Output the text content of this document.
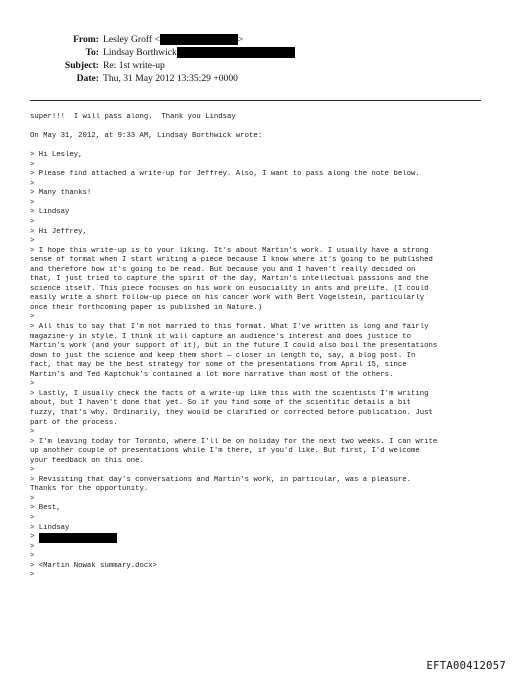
From: Lesley Groff <	>
To: Lindsay Borthwick
Subject: Re: 1st write-up
Date: Thu, 31 May 2012 13:35:29 +0000
super!!!  I will pass along.  Thank you Lindsay
On May 31, 2012, at 9:33 AM, Lindsay Borthwick wrote:
> Hi Lesley,
>
> Please find attached a write-up for Jeffrey. Also, I want to pass along the note below.
>
> Many thanks!
>
> Lindsay
>
> Hi Jeffrey,
>
> I hope this write-up is to your liking. It's about Martin's work. I usually have a strong
sense of format when I start writing a piece because I know where it's going to be published
and therefore how it's going to be read. But because you and I haven't really decided on
that, I just tried to capture the spirit of the day, Martin's intellectual passions and the
science itself. This piece focuses on his work on eusociality in ants and prelife. (I could
easily write a short follow-up piece on his cancer work with Bert Vogelstein, particularly
once their forthcoming paper is published in Nature.)
>
> All this to say that I'm not married to this format. What I've written is long and fairly
magazine-y in style. I think it will capture an audience's interest and does justice to
Martin's work (and your support of it), but in the future I could also boil the presentations
down to just the science and keep them short — closer in length to, say, a blog post. In
fact, that may be the best strategy for some of the presentations from April 15, since
Martin's and Ted Kaptchuk's contained a lot more narrative than most of the others.
>
> Lastly, I usually check the facts of a write-up like this with the scientists I'm writing
about, but I haven't done that yet. So if you find some of the scientific details a bit
fuzzy, that's why. Ordinarily, they would be clarified or corrected before publication. Just
part of the process.
>
> I'm leaving today for Toronto, where I'll be on holiday for the next two weeks. I can write
up another couple of presentations while I'm there, if you'd like. But first, I'd welcome
your feedback on this one.
>
> Revisiting that day's conversations and Martin's work, in particular, was a pleasure.
Thanks for the opportunity.
>
> Best,
>
> Lindsay
>
>
>
> <Martin Nowak summary.docx>
>
EFTA00412057
